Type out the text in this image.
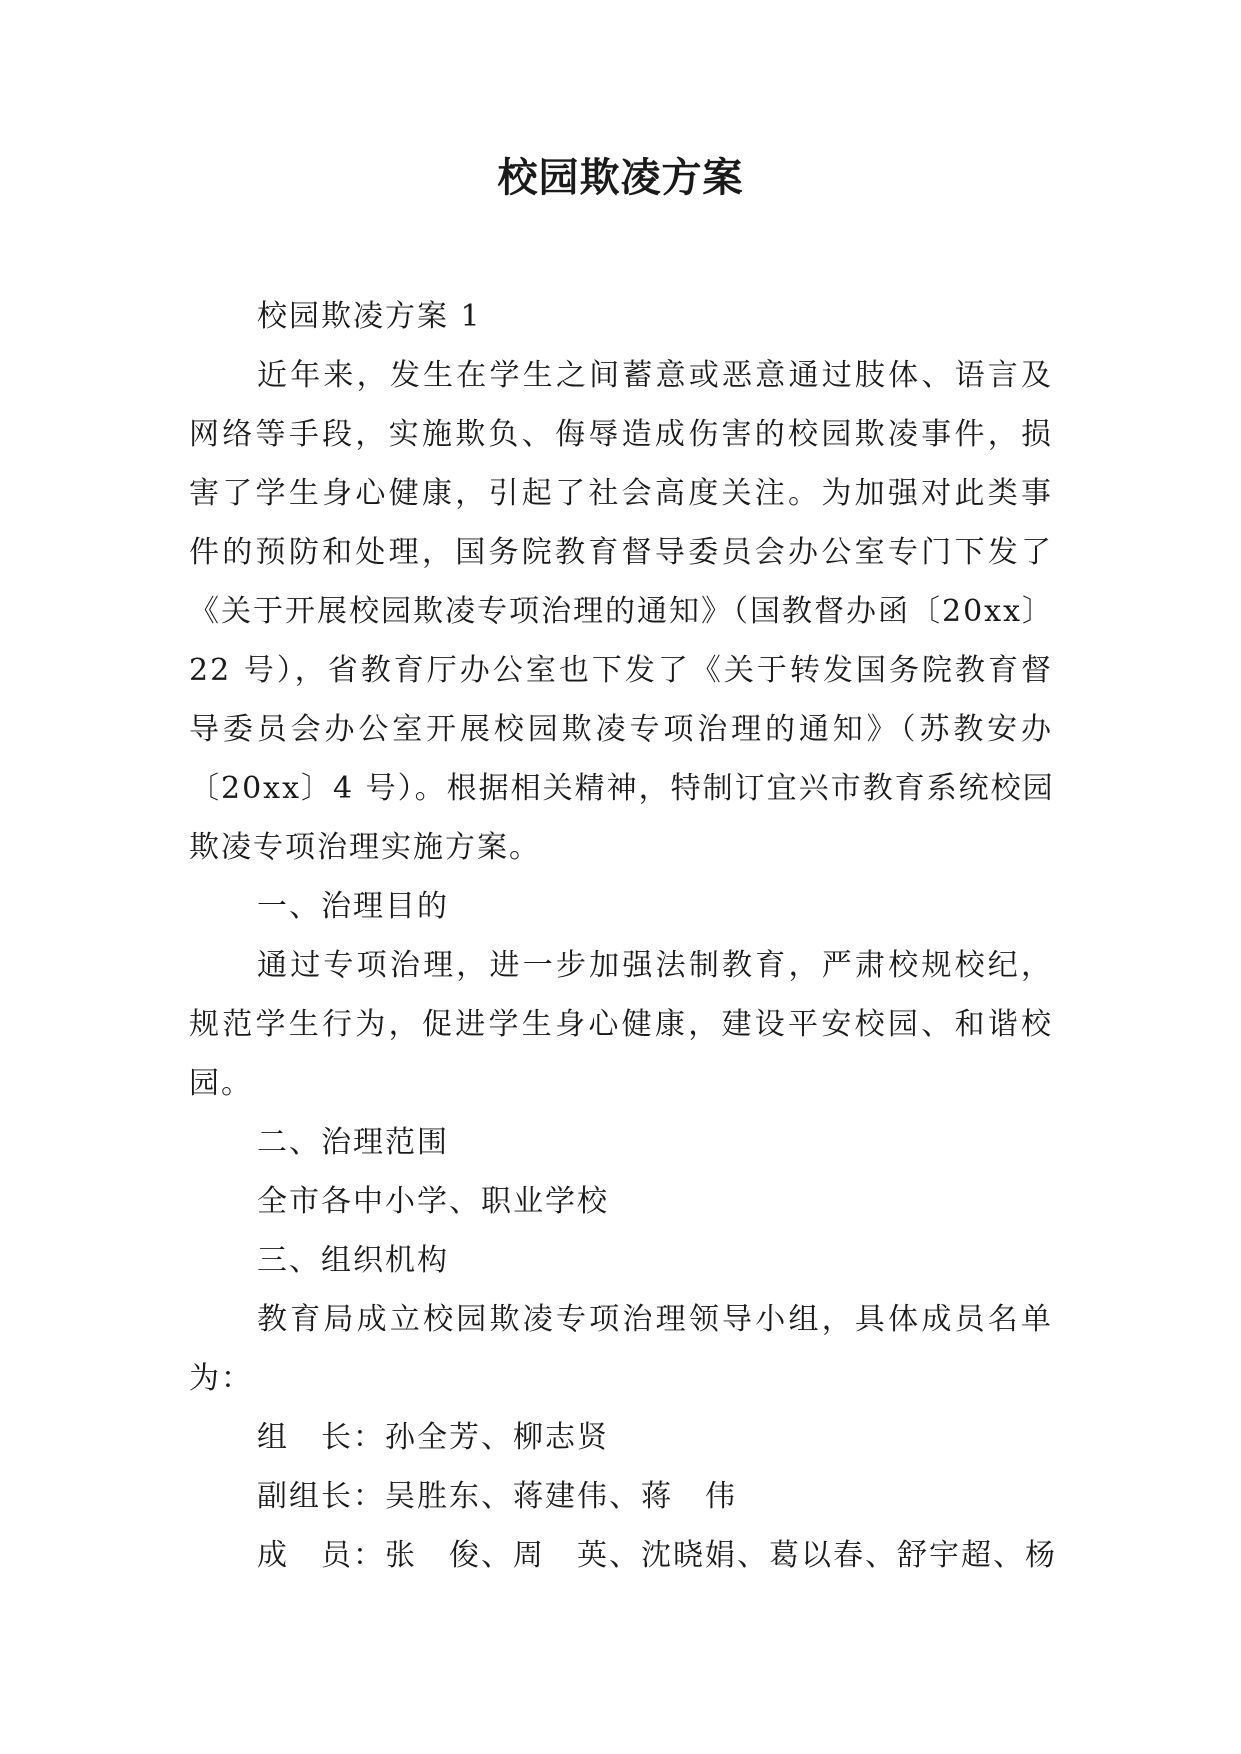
校园欺凌方案
校园欺凌方案 1
近年来，发生在学生之间蓄意或恶意通过肢体、语言及
网络等手段，实施欺负、侮辱造成伤害的校园欺凌事件，损
害了学生身心健康，引起了社会高度关注。为加强对此类事
件的预防和处理，国务院教育督导委员会办公室专门下发了
《关于开展校园欺凌专项治理的通知》（国教督办函〔20xx〕
22 号），省教育厅办公室也下发了《关于转发国务院教育督
导委员会办公室开展校园欺凌专项治理的通知》（苏教安办
〔20xx〕4 号）。根据相关精神，特制订宜兴市教育系统校园
欺凌专项治理实施方案。
一、治理目的
通过专项治理，进一步加强法制教育，严肃校规校纪，
规范学生行为，促进学生身心健康，建设平安校园、和谐校
园。
二、治理范围
全市各中小学、职业学校
三、组织机构
教育局成立校园欺凌专项治理领导小组，具体成员名单
为：
组　长：孙全芳、柳志贤
副组长：吴胜东、蒋建伟、蒋　伟
成　员：张　俊、周　英、沈晓娟、葛以春、舒宇超、杨
